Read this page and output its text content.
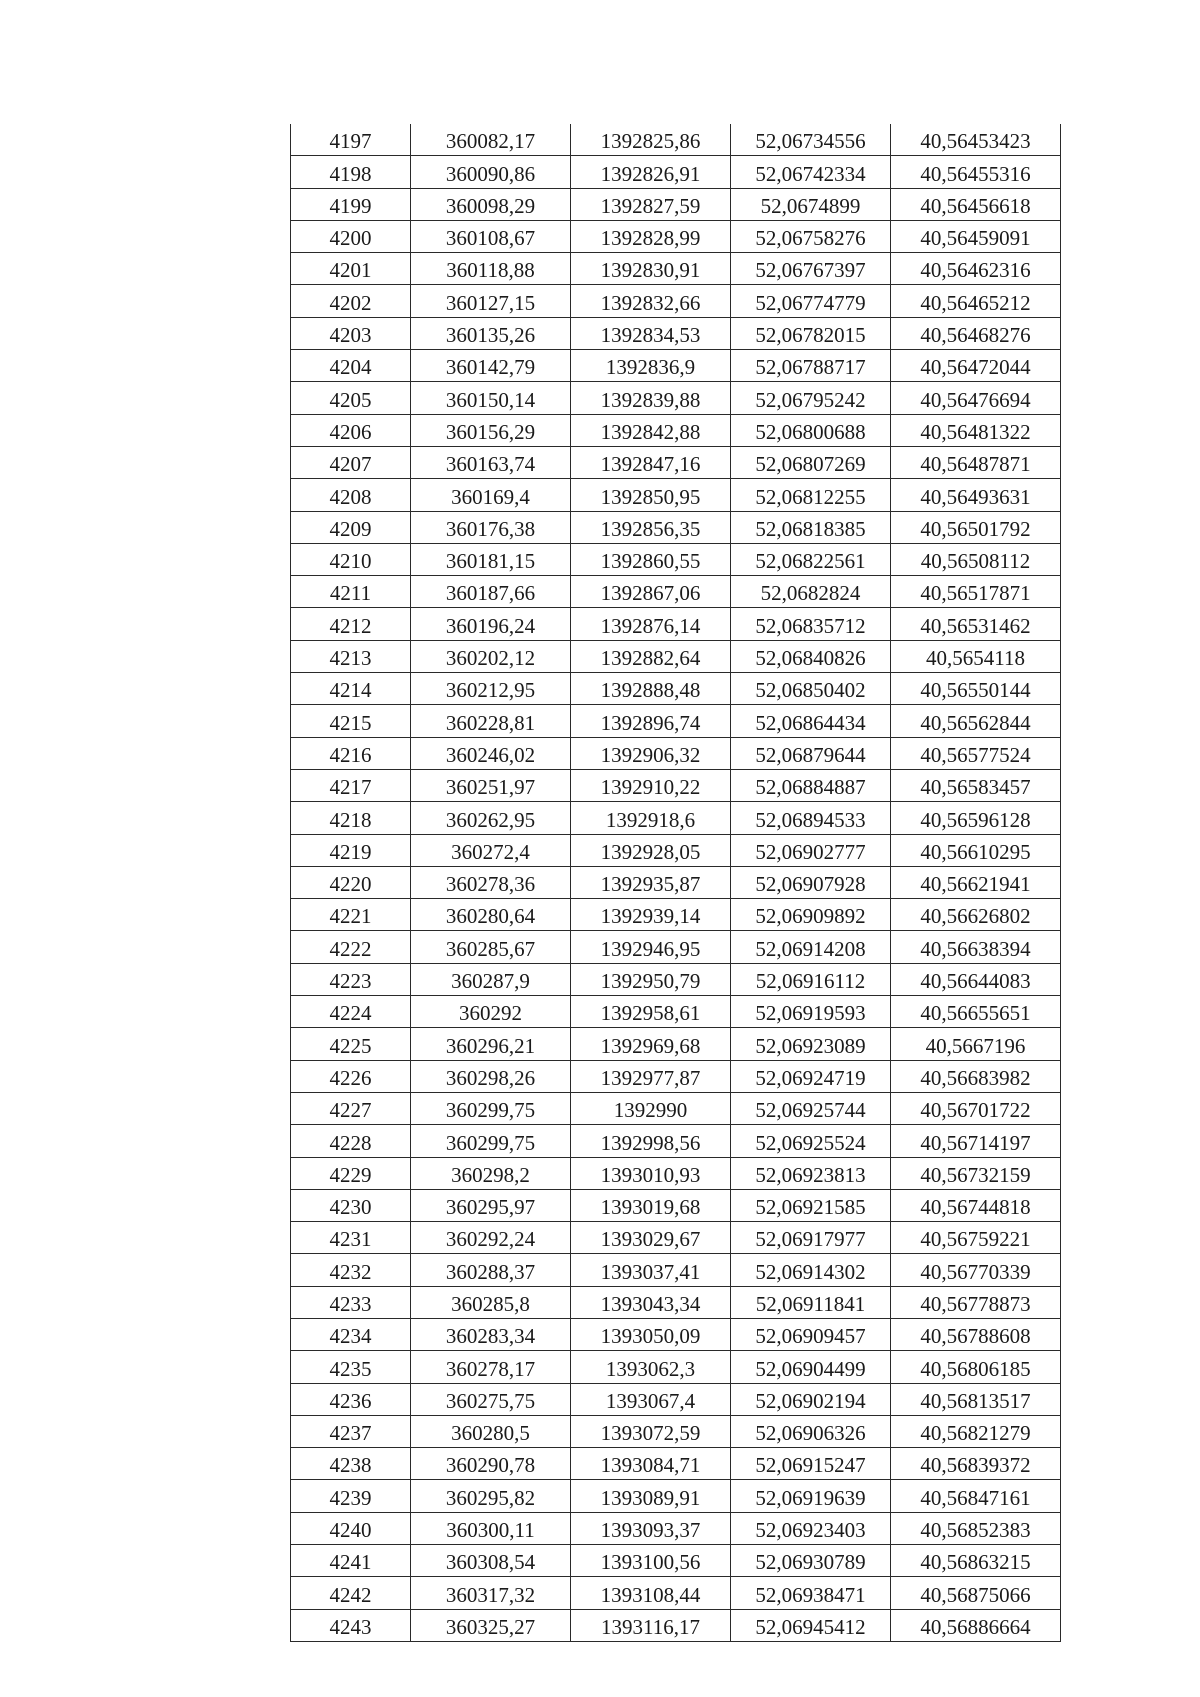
4197	360082,17	1392825,86	52,06734556	40,56453423
4198	360090,86	1392826,91	52,06742334	40,56455316
4199	360098,29	1392827,59	52,0674899	40,56456618
4200	360108,67	1392828,99	52,06758276	40,56459091
4201	360118,88	1392830,91	52,06767397	40,56462316
4202	360127,15	1392832,66	52,06774779	40,56465212
4203	360135,26	1392834,53	52,06782015	40,56468276
4204	360142,79	1392836,9	52,06788717	40,56472044
4205	360150,14	1392839,88	52,06795242	40,56476694
4206	360156,29	1392842,88	52,06800688	40,56481322
4207	360163,74	1392847,16	52,06807269	40,56487871
4208	360169,4	1392850,95	52,06812255	40,56493631
4209	360176,38	1392856,35	52,06818385	40,56501792
4210	360181,15	1392860,55	52,06822561	40,56508112
4211	360187,66	1392867,06	52,0682824	40,56517871
4212	360196,24	1392876,14	52,06835712	40,56531462
4213	360202,12	1392882,64	52,06840826	40,5654118
4214	360212,95	1392888,48	52,06850402	40,56550144
4215	360228,81	1392896,74	52,06864434	40,56562844
4216	360246,02	1392906,32	52,06879644	40,56577524
4217	360251,97	1392910,22	52,06884887	40,56583457
4218	360262,95	1392918,6	52,06894533	40,56596128
4219	360272,4	1392928,05	52,06902777	40,56610295
4220	360278,36	1392935,87	52,06907928	40,56621941
4221	360280,64	1392939,14	52,06909892	40,56626802
4222	360285,67	1392946,95	52,06914208	40,56638394
4223	360287,9	1392950,79	52,06916112	40,56644083
4224	360292	1392958,61	52,06919593	40,56655651
4225	360296,21	1392969,68	52,06923089	40,5667196
4226	360298,26	1392977,87	52,06924719	40,56683982
4227	360299,75	1392990	52,06925744	40,56701722
4228	360299,75	1392998,56	52,06925524	40,56714197
4229	360298,2	1393010,93	52,06923813	40,56732159
4230	360295,97	1393019,68	52,06921585	40,56744818
4231	360292,24	1393029,67	52,06917977	40,56759221
4232	360288,37	1393037,41	52,06914302	40,56770339
4233	360285,8	1393043,34	52,06911841	40,56778873
4234	360283,34	1393050,09	52,06909457	40,56788608
4235	360278,17	1393062,3	52,06904499	40,56806185
4236	360275,75	1393067,4	52,06902194	40,56813517
4237	360280,5	1393072,59	52,06906326	40,56821279
4238	360290,78	1393084,71	52,06915247	40,56839372
4239	360295,82	1393089,91	52,06919639	40,56847161
4240	360300,11	1393093,37	52,06923403	40,56852383
4241	360308,54	1393100,56	52,06930789	40,56863215
4242	360317,32	1393108,44	52,06938471	40,56875066
4243	360325,27	1393116,17	52,06945412	40,56886664
